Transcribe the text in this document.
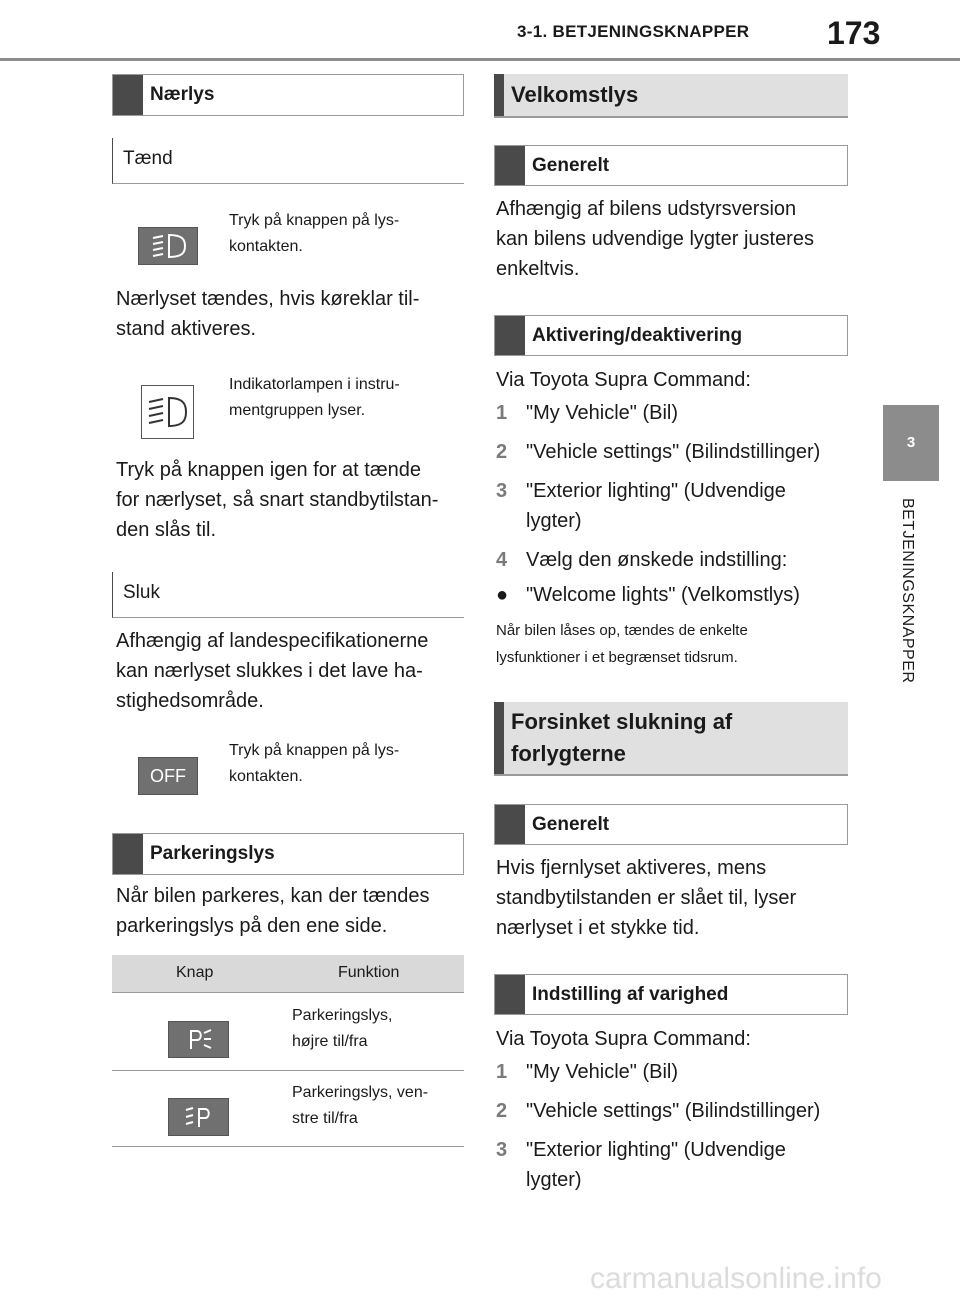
3-1. BETJENINGSKNAPPER 173
3
BETJENINGSKNAPPER
Nærlys
Tænd
Tryk på knappen på lys-
kontakten.
Nærlyset tændes, hvis køreklar til-
stand aktiveres.
Indikatorlampen i instru-
mentgruppen lyser.
Tryk på knappen igen for at tænde
for nærlyset, så snart standbytilstan-
den slås til.
Sluk
Afhængig af landespecifikationerne
kan nærlyset slukkes i det lave ha-
stighedsområde.
OFF
Tryk på knappen på lys-
kontakten.
Parkeringslys
Når bilen parkeres, kan der tændes
parkeringslys på den ene side.
Knap	Funktion
Parkeringslys,
højre til/fra
Parkeringslys, ven-
stre til/fra
Velkomstlys
Generelt
Afhængig af bilens udstyrsversion
kan bilens udvendige lygter justeres
enkeltvis.
Aktivering/deaktivering
Via Toyota Supra Command:
1 "My Vehicle" (Bil)
2 "Vehicle settings" (Bilindstillinger)
3 "Exterior lighting" (Udvendige
lygter)
4 Vælg den ønskede indstilling:
● "Welcome lights" (Velkomstlys)
Når bilen låses op, tændes de enkelte
lysfunktioner i et begrænset tidsrum.
Forsinket slukning af
forlygterne
Generelt
Hvis fjernlyset aktiveres, mens
standbytilstanden er slået til, lyser
nærlyset i et stykke tid.
Indstilling af varighed
Via Toyota Supra Command:
1 "My Vehicle" (Bil)
2 "Vehicle settings" (Bilindstillinger)
3 "Exterior lighting" (Udvendige
lygter)
carmanualsonline.info
